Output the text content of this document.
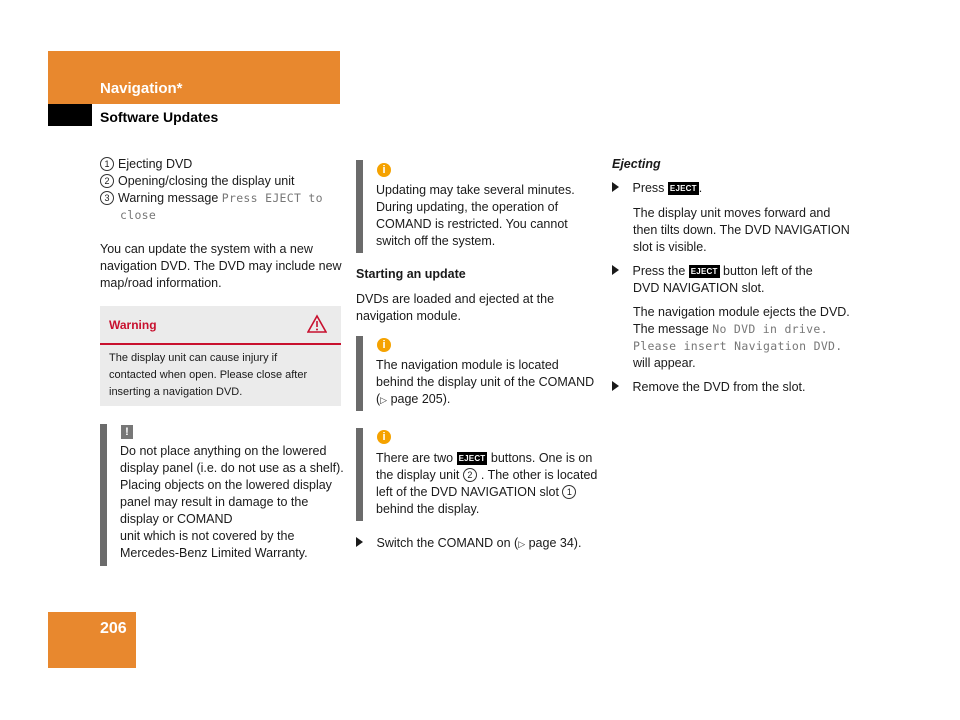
Navigation*
Software Updates
1 Ejecting DVD
2 Opening/closing the display unit
3 Warning message Press EJECT to
close
You can update the system with a new
navigation DVD. The DVD may include new
map/road information.
Warning
The display unit can cause injury if
contacted when open. Please close after
inserting a navigation DVD.
!
Do not place anything on the lowered
display panel (i.e. do not use as a shelf).
Placing objects on the lowered display
panel may result in damage to the
display or COMAND
unit which is not covered by the
Mercedes-Benz Limited Warranty.
206
i
Updating may take several minutes.
During updating, the operation of
COMAND is restricted. You cannot
switch off the system.
Starting an update
DVDs are loaded and ejected at the
navigation module.
i
The navigation module is located
behind the display unit of the COMAND
(▷ page 205).
i
There are two EJECT buttons. One is on
the display unit 2 . The other is located
left of the DVD NAVIGATION slot 1
behind the display.
Switch the COMAND on (▷ page 34).
Ejecting
Press EJECT .
The display unit moves forward and
then tilts down. The DVD NAVIGATION
slot is visible.
Press the EJECT button left of the
DVD NAVIGATION slot.
The navigation module ejects the DVD.
The message No DVD in drive.
Please insert Navigation DVD.
will appear.
Remove the DVD from the slot.
